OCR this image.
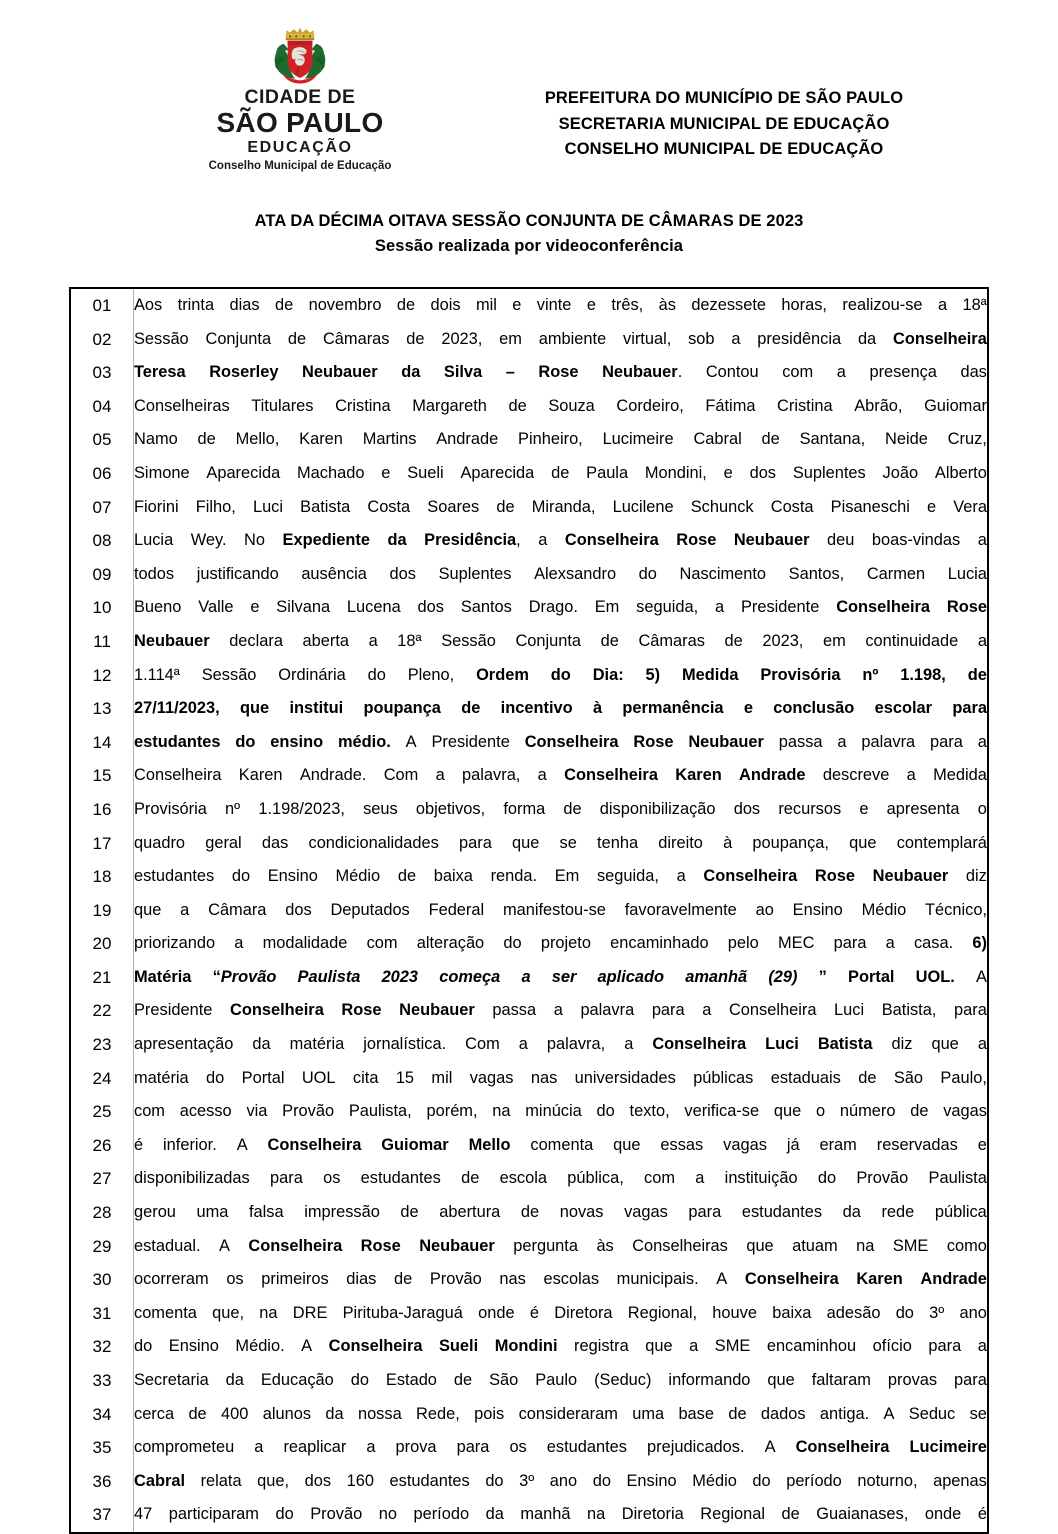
CIDADE DE
SÃO PAULO
EDUCAÇÃO
Conselho Municipal de Educação
PREFEITURA DO MUNICÍPIO DE SÃO PAULO
SECRETARIA MUNICIPAL DE EDUCAÇÃO
CONSELHO MUNICIPAL DE EDUCAÇÃO
ATA DA DÉCIMA OITAVA SESSÃO CONJUNTA DE CÂMARAS DE 2023
Sessão realizada por videoconferência
01	Aos trinta dias de novembro de dois mil e vinte e três, às dezessete horas, realizou-se a 18ª

02	Sessão Conjunta de Câmaras de 2023, em ambiente virtual, sob a presidência da Conselheira

03	Teresa Roserley Neubauer da Silva – Rose Neubauer. Contou com a presença das

04	Conselheiras Titulares Cristina Margareth de Souza Cordeiro, Fátima Cristina Abrão, Guiomar

05	Namo de Mello, Karen Martins Andrade Pinheiro, Lucimeire Cabral de Santana, Neide Cruz,

06	Simone Aparecida Machado e Sueli Aparecida de Paula Mondini, e dos Suplentes João Alberto

07	Fiorini Filho, Luci Batista Costa Soares de Miranda, Lucilene Schunck Costa Pisaneschi e Vera

08	Lucia Wey. No Expediente da Presidência, a Conselheira Rose Neubauer deu boas-vindas a

09	todos justificando ausência dos Suplentes Alexsandro do Nascimento Santos, Carmen Lucia

10	Bueno Valle e Silvana Lucena dos Santos Drago. Em seguida, a Presidente Conselheira Rose

11	Neubauer declara aberta a 18ª Sessão Conjunta de Câmaras de 2023, em continuidade a

12	1.114ª Sessão Ordinária do Pleno, Ordem do Dia: 5) Medida Provisória nº 1.198, de

13	27/11/2023, que institui poupança de incentivo à permanência e conclusão escolar para

14	estudantes do ensino médio. A Presidente Conselheira Rose Neubauer passa a palavra para a

15	Conselheira Karen Andrade. Com a palavra, a Conselheira Karen Andrade descreve a Medida

16	Provisória nº 1.198/2023, seus objetivos, forma de disponibilização dos recursos e apresenta o

17	quadro geral das condicionalidades para que se tenha direito à poupança, que contemplará

18	estudantes do Ensino Médio de baixa renda. Em seguida, a Conselheira Rose Neubauer diz

19	que a Câmara dos Deputados Federal manifestou-se favoravelmente ao Ensino Médio Técnico,

20	priorizando a modalidade com alteração do projeto encaminhado pelo MEC para a casa. 6)

21	Matéria “Provão Paulista 2023 começa a ser aplicado amanhã (29) ” Portal UOL. A

22	Presidente Conselheira Rose Neubauer passa a palavra para a Conselheira Luci Batista, para

23	apresentação da matéria jornalística. Com a palavra, a Conselheira Luci Batista diz que a

24	matéria do Portal UOL cita 15 mil vagas nas universidades públicas estaduais de São Paulo,

25	com acesso via Provão Paulista, porém, na minúcia do texto, verifica-se que o número de vagas

26	é inferior. A Conselheira Guiomar Mello comenta que essas vagas já eram reservadas e

27	disponibilizadas para os estudantes de escola pública, com a instituição do Provão Paulista

28	gerou uma falsa impressão de abertura de novas vagas para estudantes da rede pública

29	estadual. A Conselheira Rose Neubauer pergunta às Conselheiras que atuam na SME como

30	ocorreram os primeiros dias de Provão nas escolas municipais. A Conselheira Karen Andrade

31	comenta que, na DRE Pirituba-Jaraguá onde é Diretora Regional, houve baixa adesão do 3º ano

32	do Ensino Médio. A Conselheira Sueli Mondini registra que a SME encaminhou ofício para a

33	Secretaria da Educação do Estado de São Paulo (Seduc) informando que faltaram provas para

34	cerca de 400 alunos da nossa Rede, pois consideraram uma base de dados antiga. A Seduc se

35	comprometeu a reaplicar a prova para os estudantes prejudicados. A Conselheira Lucimeire

36	Cabral relata que, dos 160 estudantes do 3º ano do Ensino Médio do período noturno, apenas

37	47 participaram do Provão no período da manhã na Diretoria Regional de Guaianases, onde é
